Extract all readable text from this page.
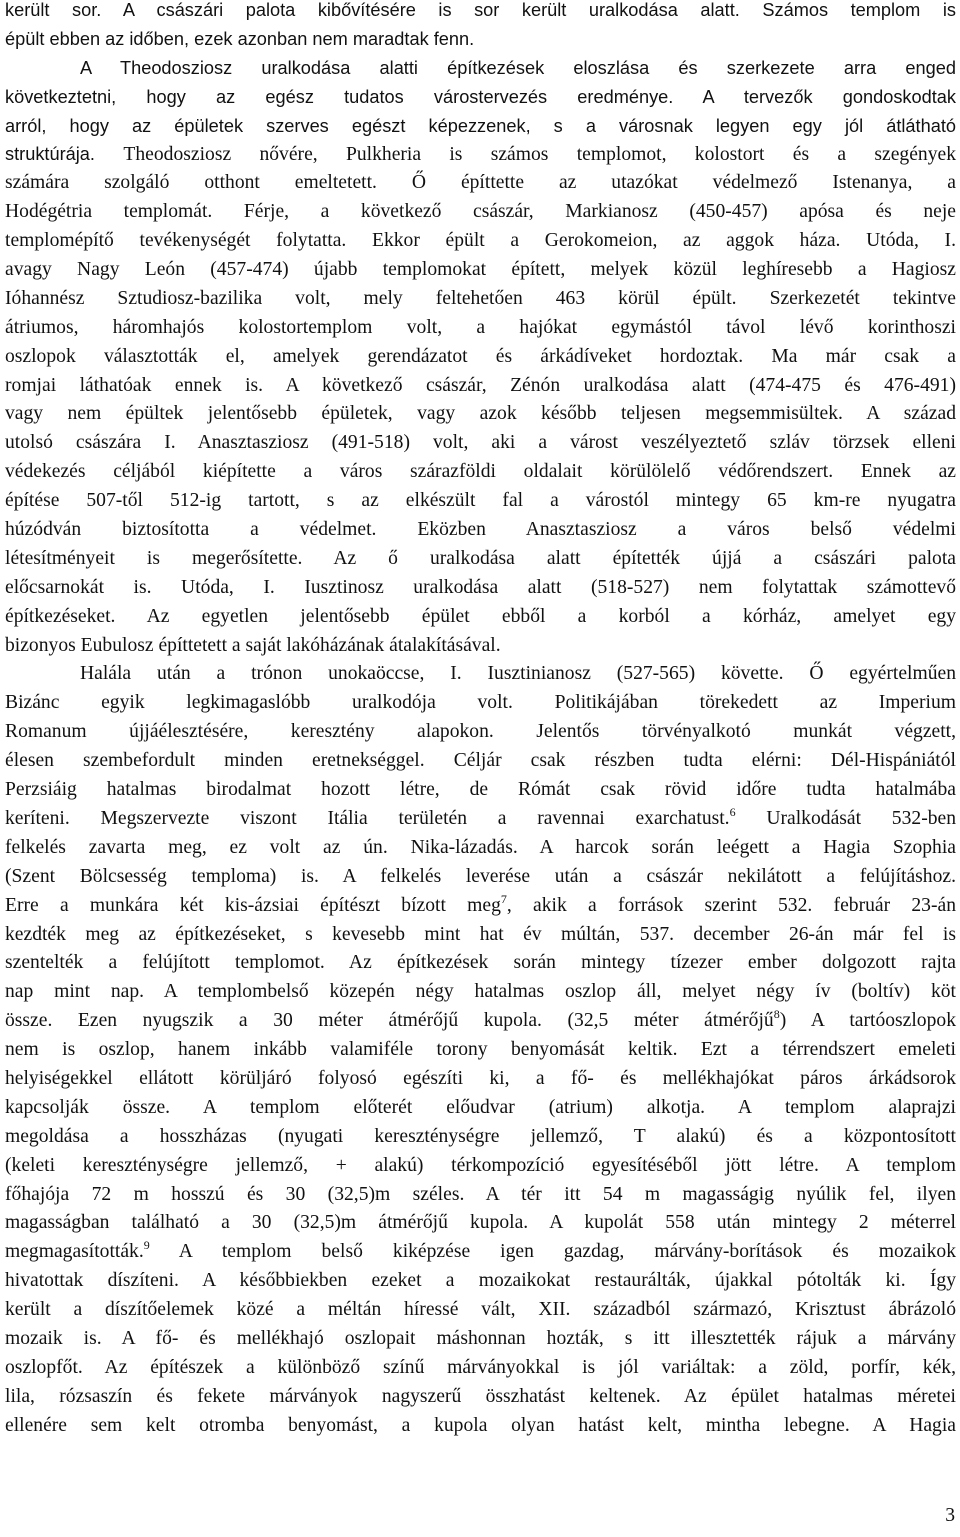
került sor. A császári palota kibővítésére is sor került uralkodása alatt. Számos templom is
épült ebben az időben, ezek azonban nem maradtak fenn.
A Theodosziosz uralkodása alatti építkezések eloszlása és szerkezete arra enged
következtetni, hogy az egész tudatos várostervezés eredménye. A tervezők gondoskodtak
arról, hogy az épületek szerves egészt képezzenek, s a városnak legyen egy jól átlátható
struktúrája. Theodosziosz nővére, Pulkheria is számos templomot, kolostort és a szegények
számára szolgáló otthont emeltetett. Ő építtette az utazókat védelmező Istenanya, a
Hodégétria templomát. Férje, a következő császár, Markianosz (450-457) apósa és neje
templomépítő tevékenységét folytatta. Ekkor épült a Gerokomeion, az aggok háza. Utóda, I.
avagy Nagy León (457-474) újabb templomokat épített, melyek közül leghíresebb a Hagiosz
Ióhannész Sztudiosz-bazilika volt, mely feltehetően 463 körül épült. Szerkezetét tekintve
átriumos, háromhajós kolostortemplom volt, a hajókat egymástól távol lévő korinthoszi
oszlopok választották el, amelyek gerendázatot és árkádíveket hordoztak. Ma már csak a
romjai láthatóak ennek is. A következő császár, Zénón uralkodása alatt (474-475 és 476-491)
vagy nem épültek jelentősebb épületek, vagy azok később teljesen megsemmisültek. A század
utolsó császára I. Anasztasziosz (491-518) volt, aki a várost veszélyeztető szláv törzsek elleni
védekezés céljából kiépítette a város szárazföldi oldalait körülölelő védőrendszert. Ennek az
építése 507-től 512-ig tartott, s az elkészült fal a várostól mintegy 65 km-re nyugatra
húzódván biztosította a védelmet. Eközben Anasztasziosz a város belső védelmi
létesítményeit is megerősítette. Az ő uralkodása alatt építették újjá a császári palota
előcsarnokát is. Utóda, I. Iusztinosz uralkodása alatt (518-527) nem folytattak számottevő
építkezéseket. Az egyetlen jelentősebb épület ebből a korból a kórház, amelyet egy
bizonyos Eubulosz építtetett a saját lakóházának átalakításával.
Halála után a trónon unokaöccse, I. Iusztinianosz (527-565) követte. Ő egyértelműen
Bizánc egyik legkimagaslóbb uralkodója volt. Politikájában törekedett az Imperium
Romanum újjáélesztésére, keresztény alapokon. Jelentős törvényalkotó munkát végzett,
élesen szembefordult minden eretnekséggel. Céljár csak részben tudta elérni: Dél-Hispániától
Perzsiáig hatalmas birodalmat hozott létre, de Rómát csak rövid időre tudta hatalmába
keríteni. Megszervezte viszont Itália területén a ravennai exarchatust.$^6$ Uralkodását 532-ben
felkelés zavarta meg, ez volt az ún. Nika-lázadás. A harcok során leégett a Hagia Szophia
(Szent Bölcsesség temploma) is. A felkelés leverése után a császár nekilátott a felújításhoz.
Erre a munkára két kis-ázsiai építészt bízott meg$^7$, akik a források szerint 532. február 23-án
kezdték meg az építkezéseket, s kevesebb mint hat év múltán, 537. december 26-án már fel is
szentelték a felújított templomot. Az építkezések során mintegy tízezer ember dolgozott rajta
nap mint nap. A templombelső közepén négy hatalmas oszlop áll, melyet négy ív (boltív) köt
össze. Ezen nyugszik a 30 méter átmérőjű kupola. (32,5 méter átmérőjű$^8$) A tartóoszlopok
nem is oszlop, hanem inkább valamiféle torony benyomását keltik. Ezt a térrendszert emeleti
helyiségekkel ellátott körüljáró folyosó egészíti ki, a fő- és mellékhajókat páros árkádsorok
kapcsolják össze. A templom előterét előudvar (atrium) alkotja. A templom alaprajzi
megoldása a hosszházas (nyugati kereszténységre jellemző, T alakú) és a központosított
(keleti kereszténységre jellemző, + alakú) térkompozíció egyesítéséből jött létre. A templom
főhajója 72 m hosszú és 30 (32,5)m széles. A tér itt 54 m magasságig nyúlik fel, ilyen
magasságban található a 30 (32,5)m átmérőjű kupola. A kupolát 558 után mintegy 2 méterrel
megmagasították.$^9$ A templom belső kiképzése igen gazdag, márvány-borítások és mozaikok
hivatottak díszíteni. A későbbiekben ezeket a mozaikokat restaurálták, újakkal pótolták ki. Így
került a díszítőelemek közé a méltán híressé vált, XII. századból származó, Krisztust ábrázoló
mozaik is. A fő- és mellékhajó oszlopait máshonnan hozták, s itt illesztették rájuk a márvány
oszlopfőt. Az építészek a különböző színű márványokkal is jól variáltak: a zöld, porfír, kék,
lila, rózsaszín és fekete márványok nagyszerű összhatást keltenek. Az épület hatalmas méretei
ellenére sem kelt otromba benyomást, a kupola olyan hatást kelt, mintha lebegne. A Hagia
3
